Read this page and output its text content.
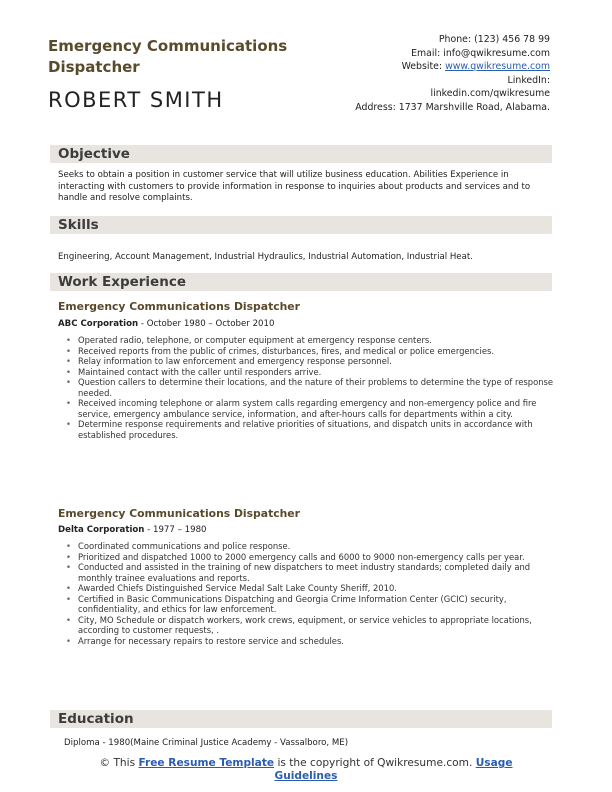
Emergency Communications Dispatcher
ROBERT SMITH
Phone: (123) 456 78 99
Email: info@qwikresume.com
Website: www.qwikresume.com
LinkedIn:
linkedin.com/qwikresume
Address: 1737 Marshville Road, Alabama.
Objective
Seeks to obtain a position in customer service that will utilize business education. Abilities Experience in interacting with customers to provide information in response to inquiries about products and services and to handle and resolve complaints.
Skills
Engineering, Account Management, Industrial Hydraulics, Industrial Automation, Industrial Heat.
Work Experience
Emergency Communications Dispatcher
ABC Corporation - October 1980 – October 2010
• Operated radio, telephone, or computer equipment at emergency response centers.
• Received reports from the public of crimes, disturbances, fires, and medical or police emergencies.
• Relay information to law enforcement and emergency response personnel.
• Maintained contact with the caller until responders arrive.
• Question callers to determine their locations, and the nature of their problems to determine the type of response needed.
• Received incoming telephone or alarm system calls regarding emergency and non-emergency police and fire service, emergency ambulance service, information, and after-hours calls for departments within a city.
• Determine response requirements and relative priorities of situations, and dispatch units in accordance with established procedures.
Emergency Communications Dispatcher
Delta Corporation - 1977 – 1980
• Coordinated communications and police response.
• Prioritized and dispatched 1000 to 2000 emergency calls and 6000 to 9000 non-emergency calls per year.
• Conducted and assisted in the training of new dispatchers to meet industry standards; completed daily and monthly trainee evaluations and reports.
• Awarded Chiefs Distinguished Service Medal Salt Lake County Sheriff, 2010.
• Certified in Basic Communications Dispatching and Georgia Crime Information Center (GCIC) security, confidentiality, and ethics for law enforcement.
• City, MO Schedule or dispatch workers, work crews, equipment, or service vehicles to appropriate locations, according to customer requests, .
• Arrange for necessary repairs to restore service and schedules.
Education
Diploma - 1980(Maine Criminal Justice Academy - Vassalboro, ME)
© This Free Resume Template is the copyright of Qwikresume.com. Usage Guidelines
